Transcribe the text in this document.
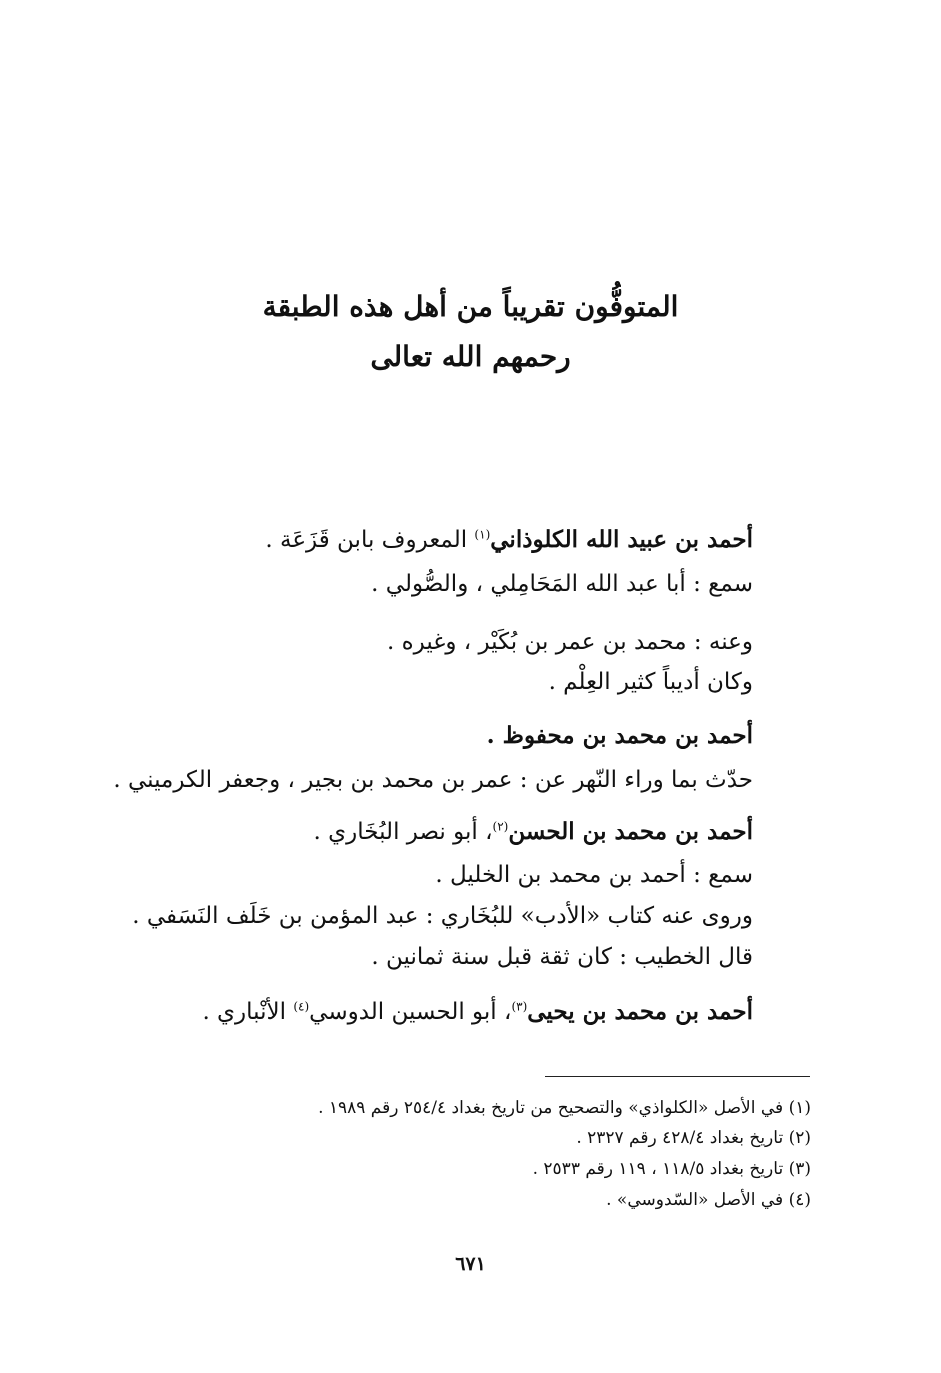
المتوفُّون تقريباً من أهل هذه الطبقة
رحمهم الله تعالى
أحمد بن عبيد الله الكلوذاني$^{(١)}$ المعروف بابن قَزَعَة .
سمع : أبا عبد الله المَحَامِلي ، والصُّولي .
وعنه : محمد بن عمر بن بُكَيْر ، وغيره .
وكان أديباً كثير العِلْم .
أحمد بن محمد بن محفوظ .
حدّث بما وراء النّهر عن : عمر بن محمد بن بجير ، وجعفر الكرميني .
أحمد بن محمد بن الحسن$^{(٢)}$، أبو نصر البُخَاري .
سمع : أحمد بن محمد بن الخليل .
وروى عنه كتاب «الأدب» للبُخَاري : عبد المؤمن بن خَلَف النَسَفي .
قال الخطيب : كان ثقة قبل سنة ثمانين .
أحمد بن محمد بن يحيى$^{(٣)}$، أبو الحسين الدوسي$^{(٤)}$ الأنْباري .
(١) في الأصل «الكلواذي» والتصحيح من تاريخ بغداد ٢٥٤/٤ رقم ١٩٨٩ .
(٢) تاريخ بغداد ٤٢٨/٤ رقم ٢٣٢٧ .
(٣) تاريخ بغداد ١١٨/٥ ، ١١٩ رقم ٢٥٣٣ .
(٤) في الأصل «السّدوسي» .
٦٧١
